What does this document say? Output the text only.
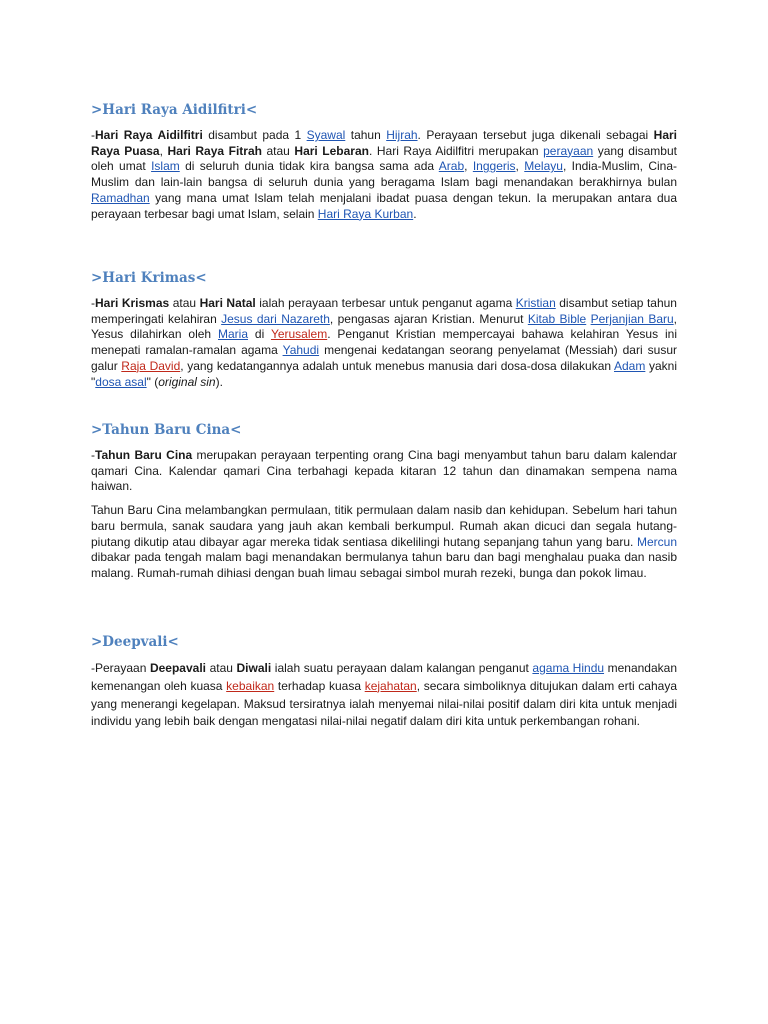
>Hari Raya Aidilfitri<

-Hari Raya Aidilfitri disambut pada 1 Syawal tahun Hijrah. Perayaan tersebut juga dikenali sebagai Hari Raya Puasa, Hari Raya Fitrah atau Hari Lebaran. Hari Raya Aidilfitri merupakan perayaan yang disambut oleh umat Islam di seluruh dunia tidak kira bangsa sama ada Arab, Inggeris, Melayu, India-Muslim, Cina-Muslim dan lain-lain bangsa di seluruh dunia yang beragama Islam bagi menandakan berakhirnya bulan Ramadhan yang mana umat Islam telah menjalani ibadat puasa dengan tekun. Ia merupakan antara dua perayaan terbesar bagi umat Islam, selain Hari Raya Kurban.

>Hari Krimas<

-Hari Krismas atau Hari Natal ialah perayaan terbesar untuk penganut agama Kristian disambut setiap tahun memperingati kelahiran Jesus dari Nazareth, pengasas ajaran Kristian. Menurut Kitab Bible Perjanjian Baru, Yesus dilahirkan oleh Maria di Yerusalem. Penganut Kristian mempercayai bahawa kelahiran Yesus ini menepati ramalan-ramalan agama Yahudi mengenai kedatangan seorang penyelamat (Messiah) dari susur galur Raja David, yang kedatangannya adalah untuk menebus manusia dari dosa-dosa dilakukan Adam yakni "dosa asal" (original sin).

>Tahun Baru Cina<

-Tahun Baru Cina merupakan perayaan terpenting orang Cina bagi menyambut tahun baru dalam kalendar qamari Cina. Kalendar qamari Cina terbahagi kepada kitaran 12 tahun dan dinamakan sempena nama haiwan.

Tahun Baru Cina melambangkan permulaan, titik permulaan dalam nasib dan kehidupan. Sebelum hari tahun baru bermula, sanak saudara yang jauh akan kembali berkumpul. Rumah akan dicuci dan segala hutang-piutang dikutip atau dibayar agar mereka tidak sentiasa dikelilingi hutang sepanjang tahun yang baru. Mercun dibakar pada tengah malam bagi menandakan bermulanya tahun baru dan bagi menghalau puaka dan nasib malang. Rumah-rumah dihiasi dengan buah limau sebagai simbol murah rezeki, bunga dan pokok limau.

>Deepvali<

-Perayaan Deepavali atau Diwali ialah suatu perayaan dalam kalangan penganut agama Hindu menandakan kemenangan oleh kuasa kebaikan terhadap kuasa kejahatan, secara simboliknya ditujukan dalam erti cahaya yang menerangi kegelapan. Maksud tersiratnya ialah menyemai nilai-nilai positif dalam diri kita untuk menjadi individu yang lebih baik dengan mengatasi nilai-nilai negatif dalam diri kita untuk perkembangan rohani.
